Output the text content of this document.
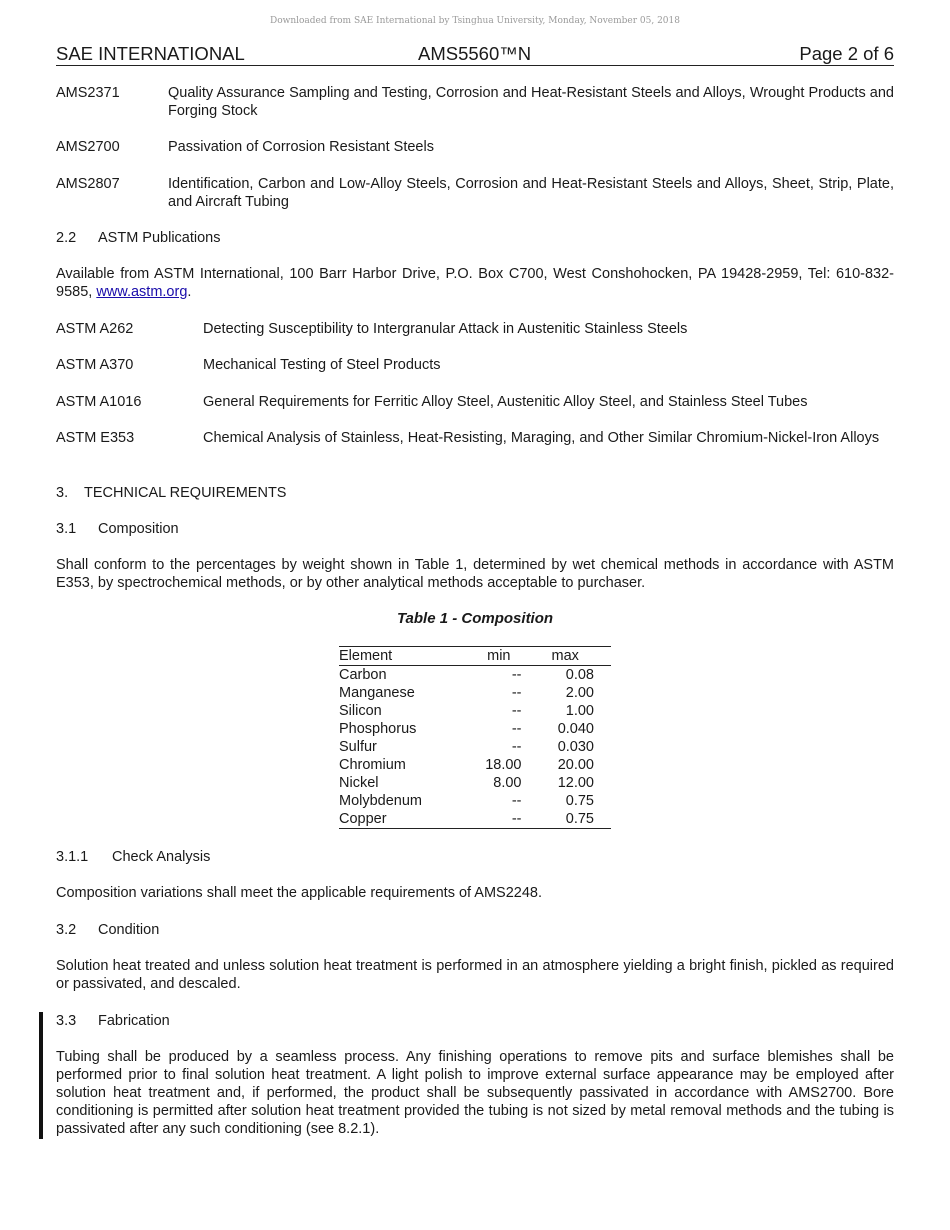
Downloaded from SAE International by Tsinghua University, Monday, November 05, 2018
SAE INTERNATIONAL	AMS5560™N	Page 2 of 6
AMS2371	Quality Assurance Sampling and Testing, Corrosion and Heat-Resistant Steels and Alloys, Wrought Products and Forging Stock
AMS2700	Passivation of Corrosion Resistant Steels
AMS2807	Identification, Carbon and Low-Alloy Steels, Corrosion and Heat-Resistant Steels and Alloys, Sheet, Strip, Plate, and Aircraft Tubing
2.2 ASTM Publications
Available from ASTM International, 100 Barr Harbor Drive, P.O. Box C700, West Conshohocken, PA 19428-2959, Tel: 610-832-9585, www.astm.org.
ASTM A262	Detecting Susceptibility to Intergranular Attack in Austenitic Stainless Steels
ASTM A370	Mechanical Testing of Steel Products
ASTM A1016	General Requirements for Ferritic Alloy Steel, Austenitic Alloy Steel, and Stainless Steel Tubes
ASTM E353	Chemical Analysis of Stainless, Heat-Resisting, Maraging, and Other Similar Chromium-Nickel-Iron Alloys
3. TECHNICAL REQUIREMENTS
3.1 Composition
Shall conform to the percentages by weight shown in Table 1, determined by wet chemical methods in accordance with ASTM E353, by spectrochemical methods, or by other analytical methods acceptable to purchaser.
Table 1 - Composition
Element	min	max
Carbon	--	0.08
Manganese	--	2.00
Silicon	--	1.00
Phosphorus	--	0.040
Sulfur	--	0.030
Chromium	18.00	20.00
Nickel	8.00	12.00
Molybdenum	--	0.75
Copper	--	0.75
3.1.1 Check Analysis
Composition variations shall meet the applicable requirements of AMS2248.
3.2 Condition
Solution heat treated and unless solution heat treatment is performed in an atmosphere yielding a bright finish, pickled as required or passivated, and descaled.
3.3 Fabrication
Tubing shall be produced by a seamless process. Any finishing operations to remove pits and surface blemishes shall be performed prior to final solution heat treatment. A light polish to improve external surface appearance may be employed after solution heat treatment and, if performed, the product shall be subsequently passivated in accordance with AMS2700. Bore conditioning is permitted after solution heat treatment provided the tubing is not sized by metal removal methods and the tubing is passivated after any such conditioning (see 8.2.1).
